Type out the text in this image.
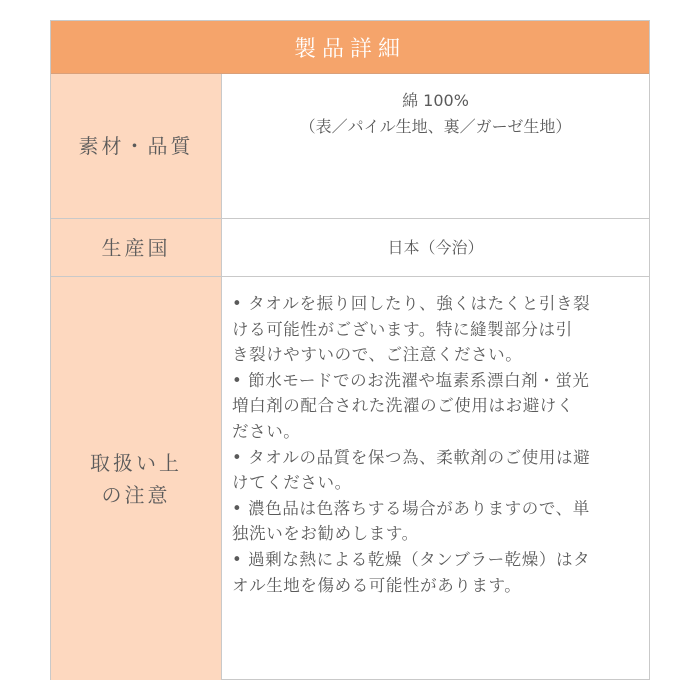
製品詳細
素材・品質
綿 100%
（表／パイル生地、裏／ガーゼ生地）
生産国	日本（今治）
取扱い上
の注意
• タオルを振り回したり、強くはたくと引き裂
ける可能性がございます。特に縫製部分は引
き裂けやすいので、ご注意ください。
• 節水モードでのお洗濯や塩素系漂白剤・蛍光
増白剤の配合された洗濯のご使用はお避けく
ださい。
• タオルの品質を保つ為、柔軟剤のご使用は避
けてください。
• 濃色品は色落ちする場合がありますので、単
独洗いをお勧めします。
• 過剰な熱による乾燥（タンブラー乾燥）はタ
オル生地を傷める可能性があります。
